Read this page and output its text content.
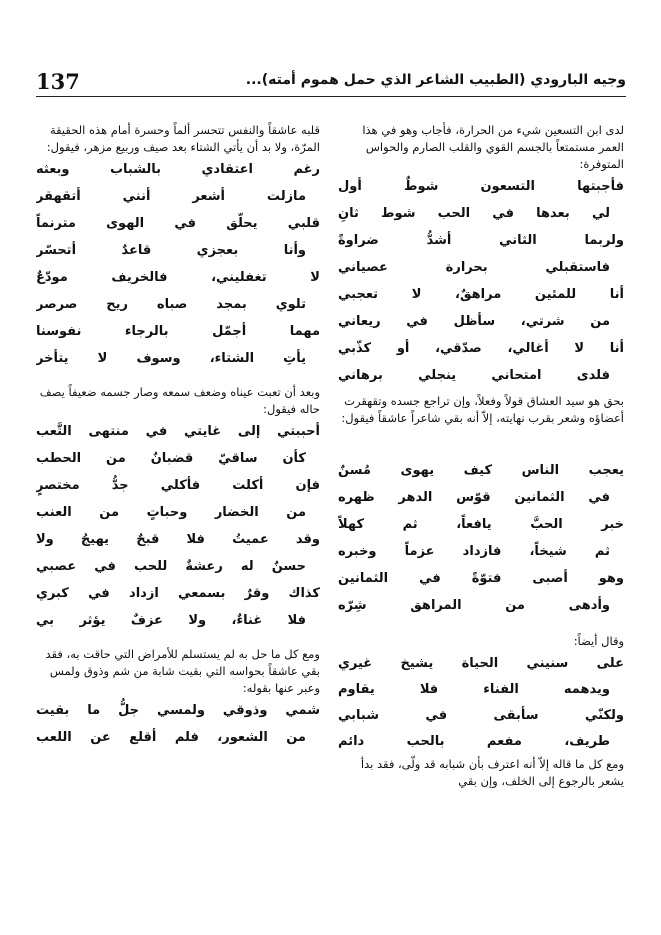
137	وجيه البارودي (الطبيب الشاعر الذي حمل هموم أمته)...

لدى ابن التسعين شيء من الحرارة، فأجاب وهو في هذا العمر مستمتعاً بالجسم القوي والقلب الصارم والحواس المتوفرة:

فأجبتها التسعون شوطٌ أول
لي بعدها في الحب شوط ثانِ
ولربما الثاني أشدُّ ضراوةً
فاستقبلي بحرارة عصياني
أنا للمئين مراهقٌ، لا تعجبي
من شرتي، سأظل في ريعاني
أنا لا أغالي، صدّقي، أو كذّبي
فلدى امتحاني ينجلي برهاني

بحق هو سيد العشاق قولاً وفعلاً، وإن تراجع جسده وتقهقرت أعضاؤه وشعر بقرب نهايته، إلاّ أنه بقي شاعراً عاشقاً فيقول:

يعجب الناس كيف يهوى مُسنٌ
في الثمانين قوّس الدهر ظهره
خبر الحبَّ يافعاً، ثم كهلاً
ثم شيخاً، فازداد عزماً وخبره
وهو أصبى فتوّةً في الثمانين
وأدهى من المراهق شِرّه

وقال أيضاً:

على سنيني الحياة يشيخ غيري
ويدهمه الفناء فلا يقاوم
ولكنّي سأبقى في شبابي
طريف، مفعم بالحب دائم

ومع كل ما قاله إلاّ أنه اعترف بأن شبابه قد ولّى، فقد بدأ يشعر بالرجوع إلى الخلف، وإن بقي

قلبه عاشقاً والنفس تتحسر ألماً وحسرة أمام هذه الحقيقة المرّة، ولا بد أن يأتي الشتاء بعد صيف وربيع مزهر، فيقول:

رغم اعتقادي بالشباب وبعثه
مازلت أشعر أنني أتقهقر
قلبي يحلّق في الهوى مترنماً
وأنا بعجزي قاعدٌ أتحسّر
لا تغفليني، فالخريف مودّعٌ
تلوي بمجد صباه ريح صرصر
مهما أجمّل بالرجاء نفوسنا
يأتِ الشتاء، وسوف لا يتأخر

وبعد أن تعبت عيناه وضعف سمعه وصار جسمه ضعيفاً يصف حاله فيقول:

أحببتي إلى غايتي في منتهى التَّعب
كأن ساقيّ قضبانٌ من الحطب
فإن أكلت فأكلي جدُّ مختصرٍ
من الخضار وحباتٍ من العنب
وقد عميتُ فلا قبحٌ يهيجُ ولا
حسنٌ له رعشةٌ للحب في عصبي
كذاك وقرٌ بسمعي ازداد في كبري
فلا غناءٌ، ولا عزفٌ يؤثر بي

ومع كل ما حل به لم يستسلم للأمراض التي حاقت به، فقد بقي عاشقاً بحواسه التي بقيت شابة من شم وذوق ولمس وعبر عنها بقوله:

شمي وذوقي ولمسي جلُّ ما بقيت
من الشعور، فلم أقلع عن اللعب
